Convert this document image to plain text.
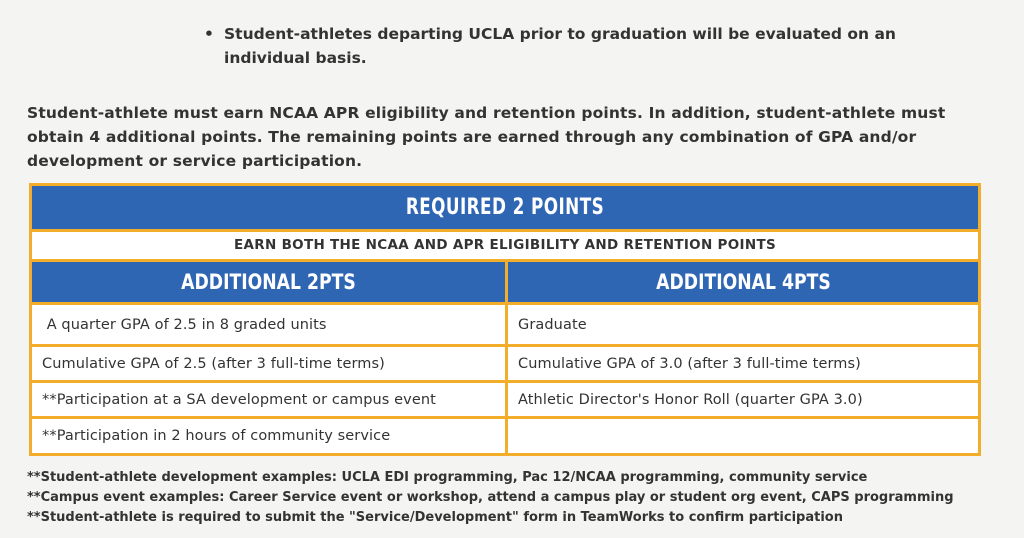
• Student-athletes departing UCLA prior to graduation will be evaluated on an individual basis.
Student-athlete must earn NCAA APR eligibility and retention points. In addition, student-athlete must obtain 4 additional points. The remaining points are earned through any combination of GPA and/or development or service participation.
REQUIRED 2 POINTS
EARN BOTH THE NCAA AND APR ELIGIBILITY AND RETENTION POINTS
ADDITIONAL 2PTS	ADDITIONAL 4PTS
A quarter GPA of 2.5 in 8 graded units	Graduate
Cumulative GPA of 2.5 (after 3 full-time terms)	Cumulative GPA of 3.0 (after 3 full-time terms)
**Participation at a SA development or campus event	Athletic Director's Honor Roll (quarter GPA 3.0)
**Participation in 2 hours of community service
**Student-athlete development examples: UCLA EDI programming, Pac 12/NCAA programming, community service
**Campus event examples: Career Service event or workshop, attend a campus play or student org event, CAPS programming
**Student-athlete is required to submit the "Service/Development" form in TeamWorks to confirm participation
